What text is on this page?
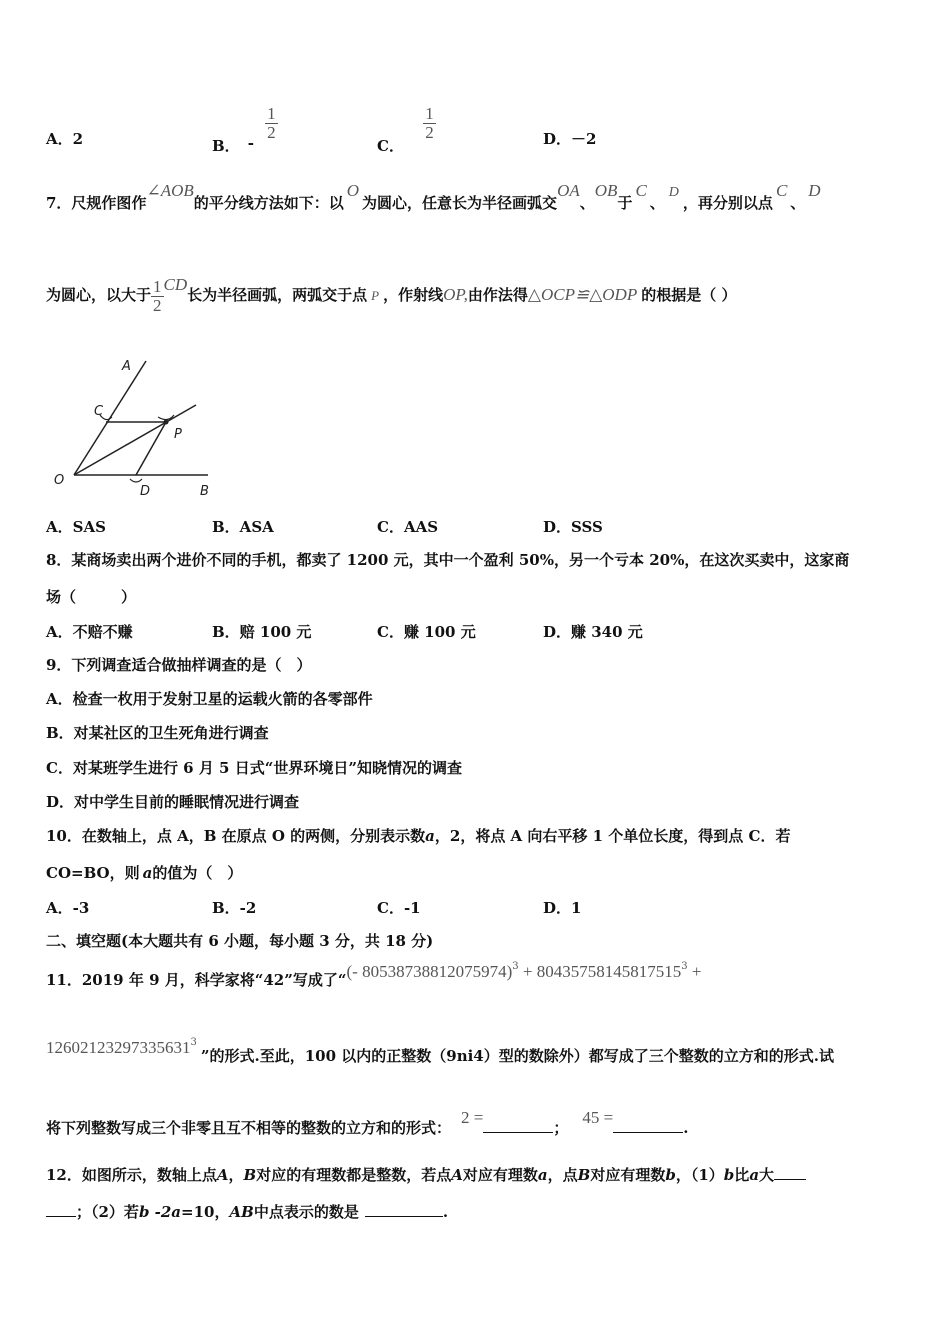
A．2	B． -
$\frac{1}{2}$
C．
$\frac{1}{2}$	D．－2
7．尺规作图作∠AOB的平分线方法如下：以O为圆心，任意长为半径画弧交OA、OB于C、D，再分别以点C、D
为圆心，以大于 $\frac{1}{2}$ CD长为半径画弧，两弧交于点 P ，作射线OP,由作法得△OCP≌△ODP 的根据是（ ）
A
C
P
O
D	B
A．SAS	B．ASA	C．AAS	D．SSS
8．某商场卖出两个进价不同的手机，都卖了 1200 元，其中一个盈利 50%，另一个亏本 20%，在这次买卖中，这家商
场（　　　）
A．不赔不赚	B．赔 100 元	C．赚 100 元	D．赚 340 元
9．下列调查适合做抽样调查的是（　）
A．检查一枚用于发射卫星的运载火箭的各零部件
B．对某社区的卫生死角进行调查
C．对某班学生进行 6 月 5 日式“世界环境日”知晓情况的调查
D．对中学生目前的睡眠情况进行调查
10．在数轴上，点 A，B 在原点 O 的两侧，分别表示数a，2，将点 A 向右平移 1 个单位长度，得到点 C．若
CO=BO，则 a的值为（　）
A．-3	B．-2	C．-1	D．1
二、填空题(本大题共有 6 小题，每小题 3 分，共 18 分)
11．2019 年 9 月，科学家将“42”写成了“(- $80538738812075974)^3 + 80435758145817515^3$ +
$12602123297335631^3$”的形式.至此，100 以内的正整数（9ni4）型的数除外）都写成了三个整数的立方和的形式.试
将下列整数写成三个非零且互不相等的整数的立方和的形式：2 =；45 =.
12．如图所示，数轴上点A，B对应的有理数都是整数，若点A对应有理数a，点B对应有理数b，（1）b比a大
；（2）若b -2a=10，AB中点表示的数是	.
